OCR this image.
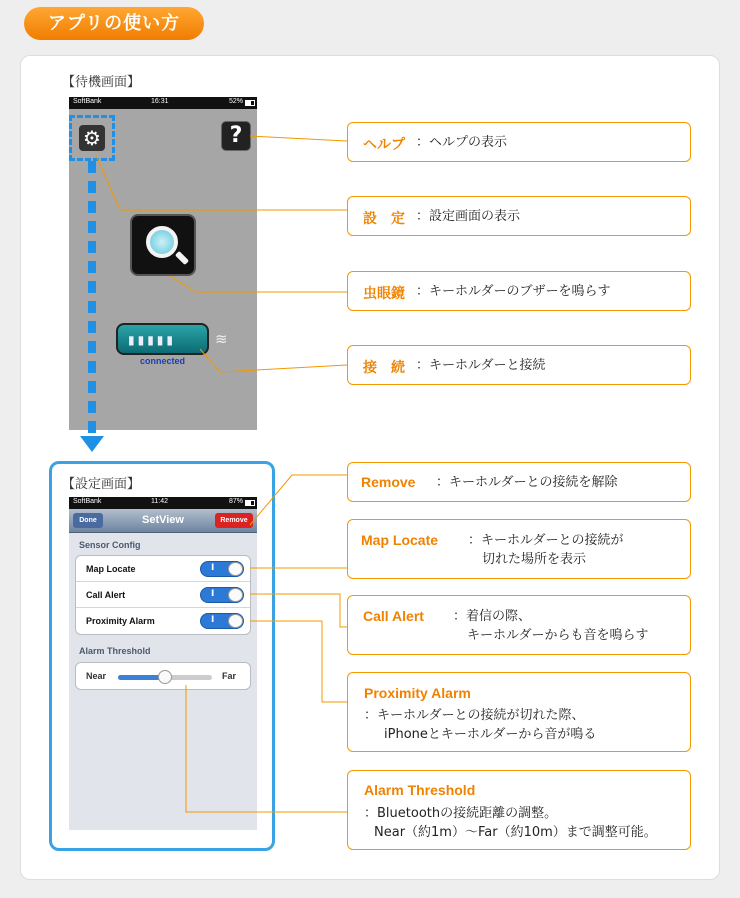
アプリの使い方
【待機画面】
SoftBank	16:31	52%
⚙	?
▮▮▮▮▮
connected
≋
【設定画面】
SoftBank	11:42	87%
Done	SetView	Remove
Sensor Config
Map Locate	I
Call Alert	I
Proximity Alarm	I
Alarm Threshold
Near	Far
ヘルプ ：ヘルプの表示
設　定 ：設定画面の表示
虫眼鏡 ：キーホルダーのブザーを鳴らす
接　続 ：キーホルダーと接続
Remove ：キーホルダーとの接続を解除
Map Locate ：キーホルダーとの接続が
切れた場所を表示
Call Alert ：着信の際、
キーホルダーからも音を鳴らす
Proximity Alarm
：キーホルダーとの接続が切れた際、
iPhoneとキーホルダーから音が鳴る
Alarm Threshold
：Bluetoothの接続距離の調整。
Near（約1m）～Far（約10m）まで調整可能。
